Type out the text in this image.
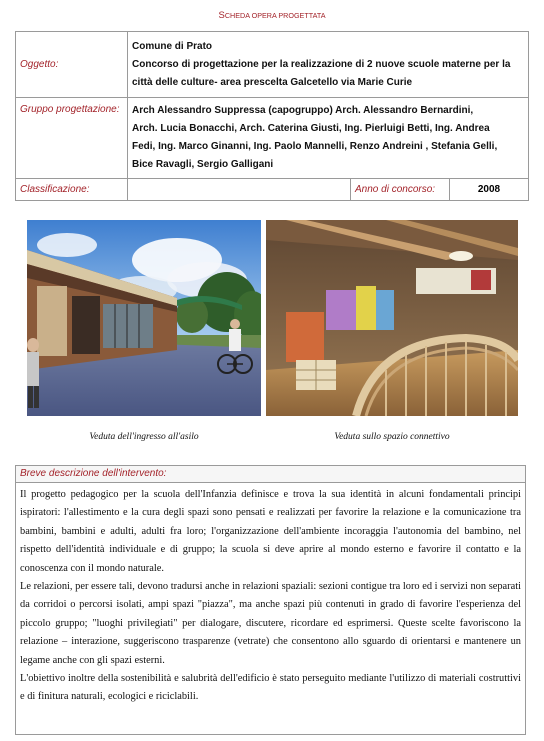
SCHEDA OPERA PROGETTATA
Oggetto:	Comune di Prato
Concorso di progettazione per la realizzazione di 2 nuove scuole materne per la
città delle culture- area prescelta Galcetello via Marie Curie		

Gruppo progettazione:	Arch Alessandro Suppressa (capogruppo) Arch. Alessandro Bernardini,
Arch. Lucia Bonacchi, Arch. Caterina Giusti, Ing. Pierluigi Betti, Ing. Andrea
Fedi, Ing. Marco Ginanni, Ing. Paolo Mannelli, Renzo Andreini , Stefania Gelli,
Bice Ravagli, Sergio Galligani		

Classificazione:		Anno di concorso:	2008
Veduta dell'ingresso all'asilo	Veduta sullo spazio connettivo
Breve descrizione dell'intervento:

Il progetto pedagogico per la scuola dell'Infanzia definisce e trova la sua identità in alcuni fondamentali principi ispiratori: l'allestimento e la cura degli spazi sono pensati e realizzati per favorire la relazione e la comunicazione tra bambini, bambini e adulti, adulti fra loro; l'organizzazione dell'ambiente incoraggia l'autonomia del bambino, nel rispetto dell'identità individuale e di gruppo; la scuola si deve aprire al mondo esterno e favorire il contatto e la conoscenza con il mondo naturale.

Le relazioni, per essere tali, devono tradursi anche in relazioni spaziali: sezioni contigue tra loro ed i servizi non separati da corridoi o percorsi isolati, ampi spazi "piazza", ma anche spazi più contenuti in grado di favorire l'esperienza del piccolo gruppo; "luoghi privilegiati" per dialogare, discutere, ricordare ed esprimersi. Queste scelte favoriscono la relazione – interazione, suggeriscono trasparenze (vetrate) che consentono allo sguardo di orientarsi e mantenere un legame anche con gli spazi esterni.

L'obiettivo inoltre della sostenibilità e salubrità dell'edificio è stato perseguito mediante l'utilizzo di materiali costruttivi e di finitura naturali, ecologici e riciclabili.
